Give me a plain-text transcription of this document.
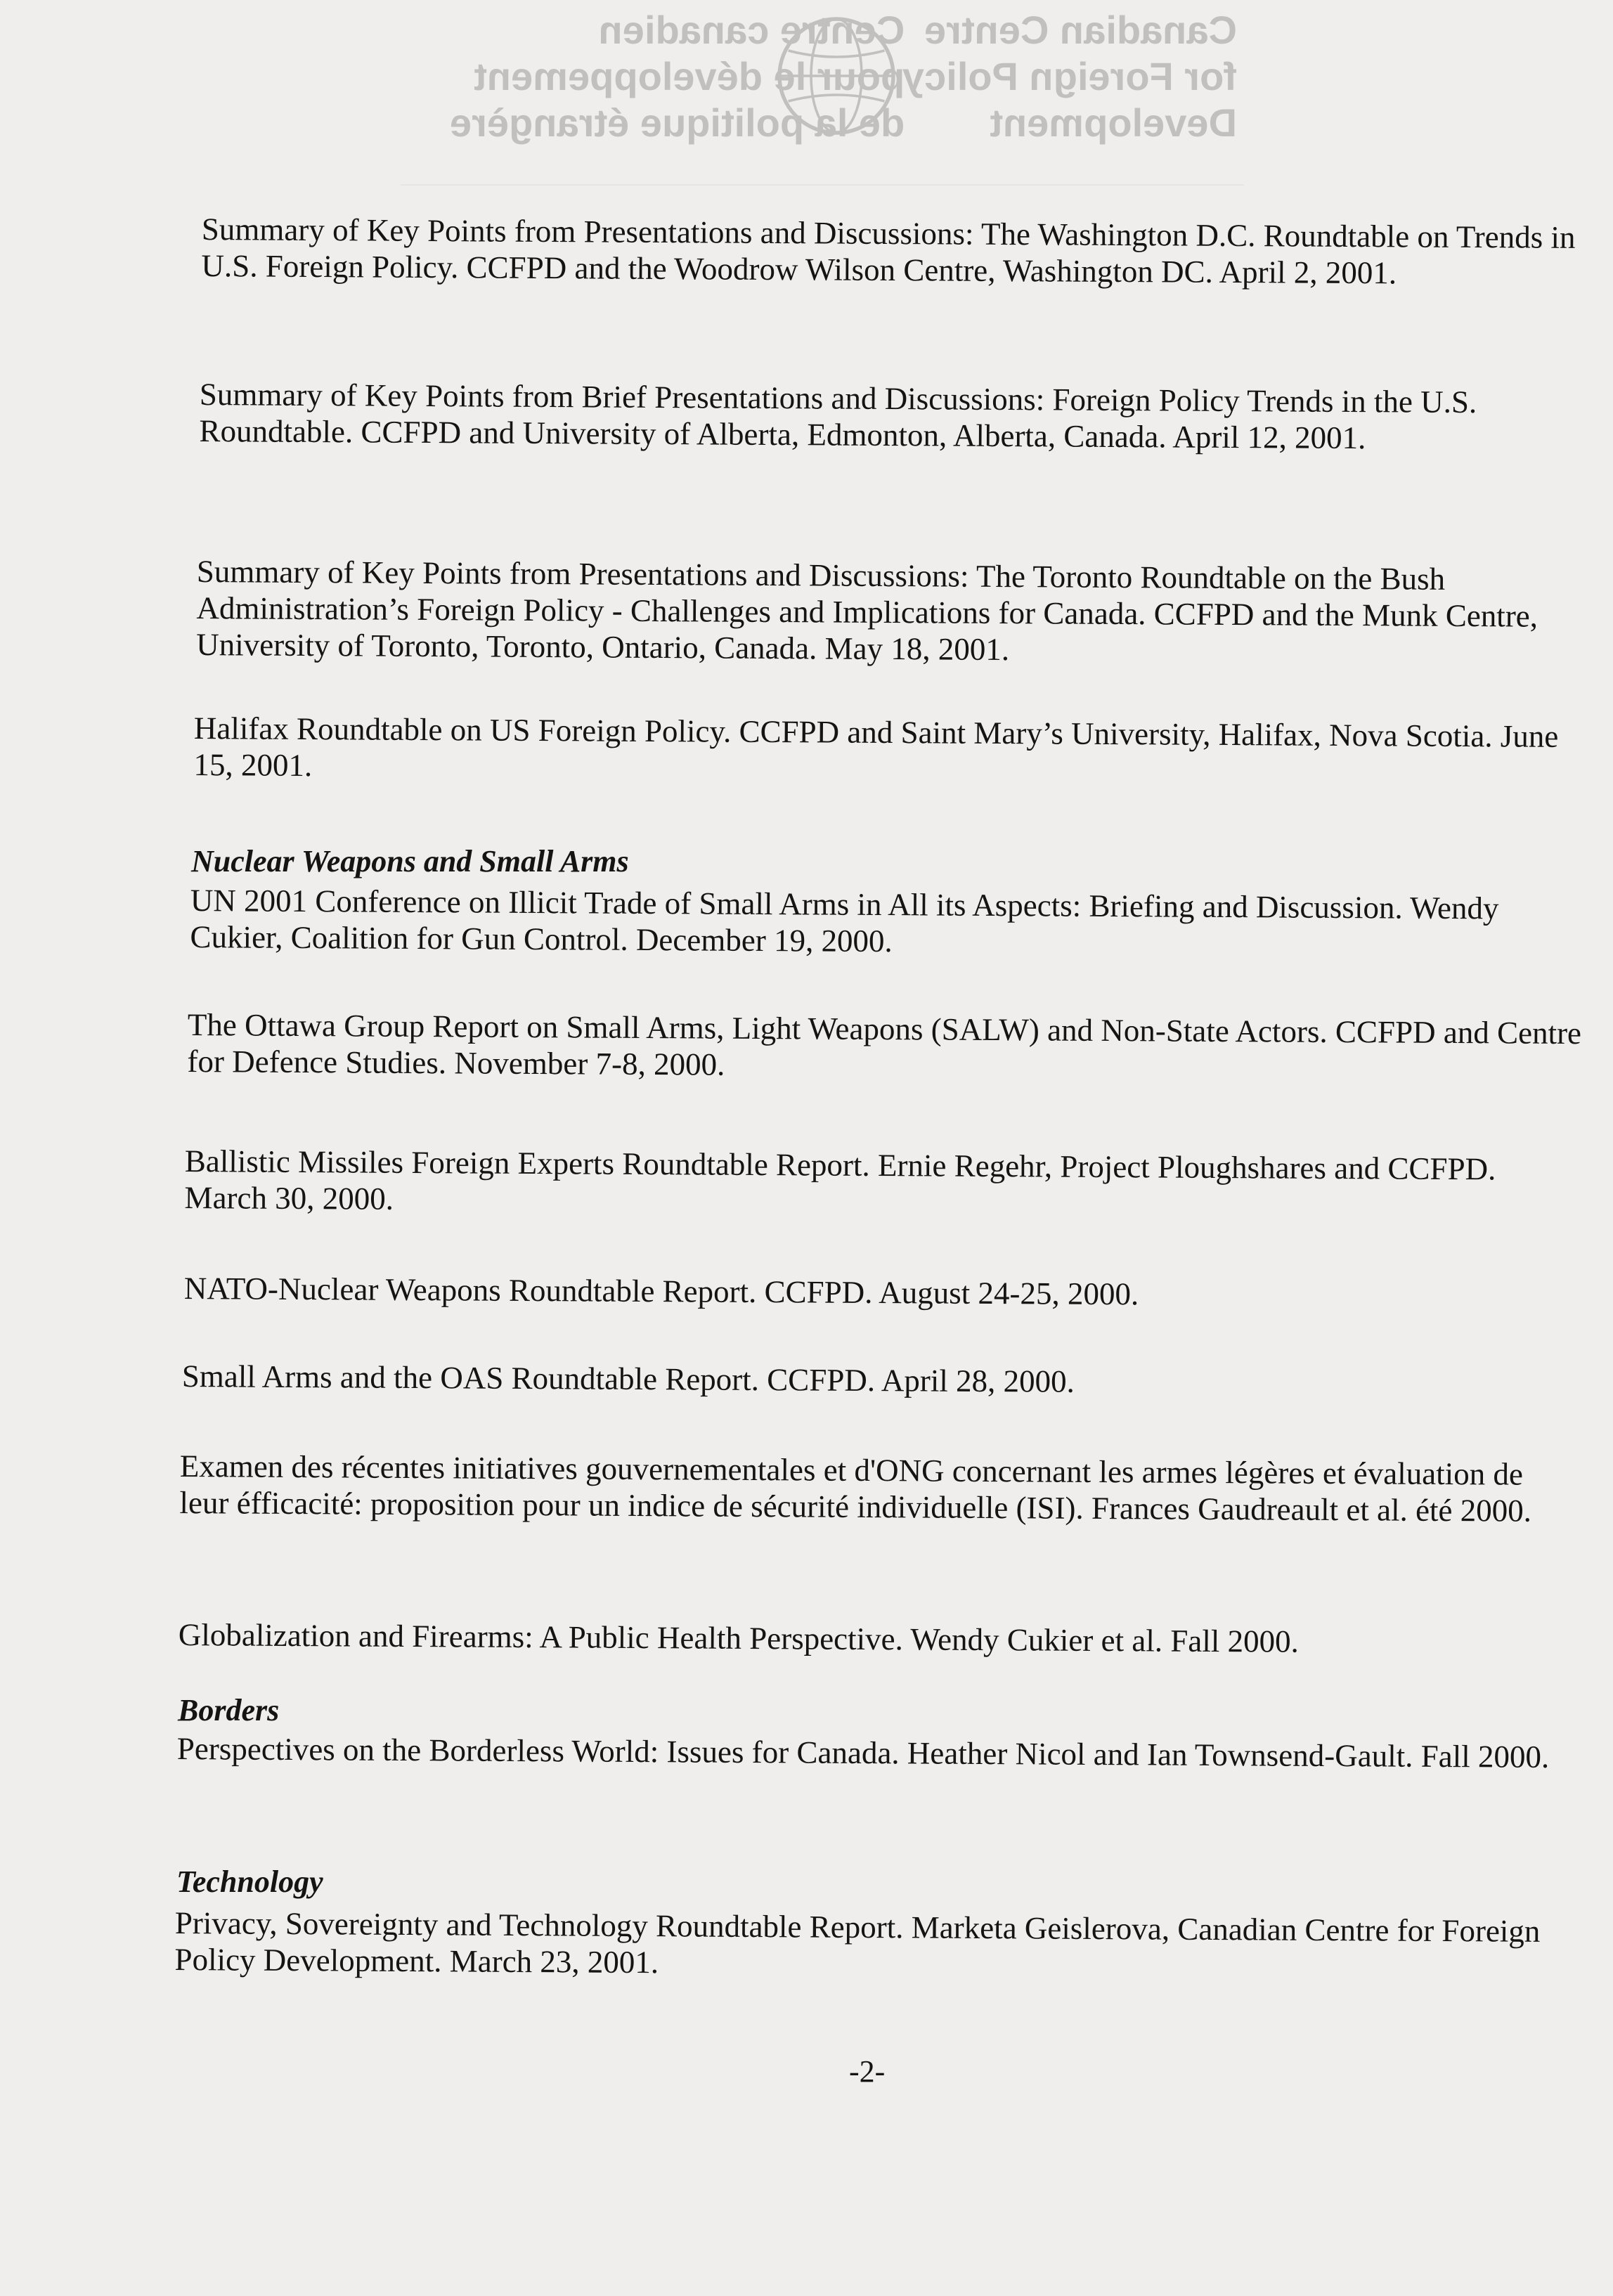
Canadian Centre
for Foreign Policy
Development
Centre canadien
pour le développement
de la politique étrangère

Summary of Key Points from Presentations and Discussions: The Washington D.C. Roundtable on Trends in U.S. Foreign Policy. CCFPD and the Woodrow Wilson Centre, Washington DC. April 2, 2001.

Summary of Key Points from Brief Presentations and Discussions: Foreign Policy Trends in the U.S. Roundtable. CCFPD and University of Alberta, Edmonton, Alberta, Canada. April 12, 2001.

Summary of Key Points from Presentations and Discussions: The Toronto Roundtable on the Bush Administration’s Foreign Policy - Challenges and Implications for Canada. CCFPD and the Munk Centre, University of Toronto, Toronto, Ontario, Canada. May 18, 2001.

Halifax Roundtable on US Foreign Policy. CCFPD and Saint Mary’s University, Halifax, Nova Scotia. June 15, 2001.

Nuclear Weapons and Small Arms

UN 2001 Conference on Illicit Trade of Small Arms in All its Aspects: Briefing and Discussion. Wendy Cukier, Coalition for Gun Control. December 19, 2000.

The Ottawa Group Report on Small Arms, Light Weapons (SALW) and Non-State Actors. CCFPD and Centre for Defence Studies. November 7-8, 2000.

Ballistic Missiles Foreign Experts Roundtable Report. Ernie Regehr, Project Ploughshares and CCFPD. March 30, 2000.

NATO-Nuclear Weapons Roundtable Report. CCFPD. August 24-25, 2000.

Small Arms and the OAS Roundtable Report. CCFPD. April 28, 2000.

Examen des récentes initiatives gouvernementales et d'ONG concernant les armes légères et évaluation de leur éfficacité: proposition pour un indice de sécurité individuelle (ISI). Frances Gaudreault et al. été 2000.

Globalization and Firearms: A Public Health Perspective. Wendy Cukier et al. Fall 2000.

Borders

Perspectives on the Borderless World: Issues for Canada. Heather Nicol and Ian Townsend-Gault. Fall 2000.

Technology

Privacy, Sovereignty and Technology Roundtable Report. Marketa Geislerova, Canadian Centre for Foreign Policy Development. March 23, 2001.

-2-
